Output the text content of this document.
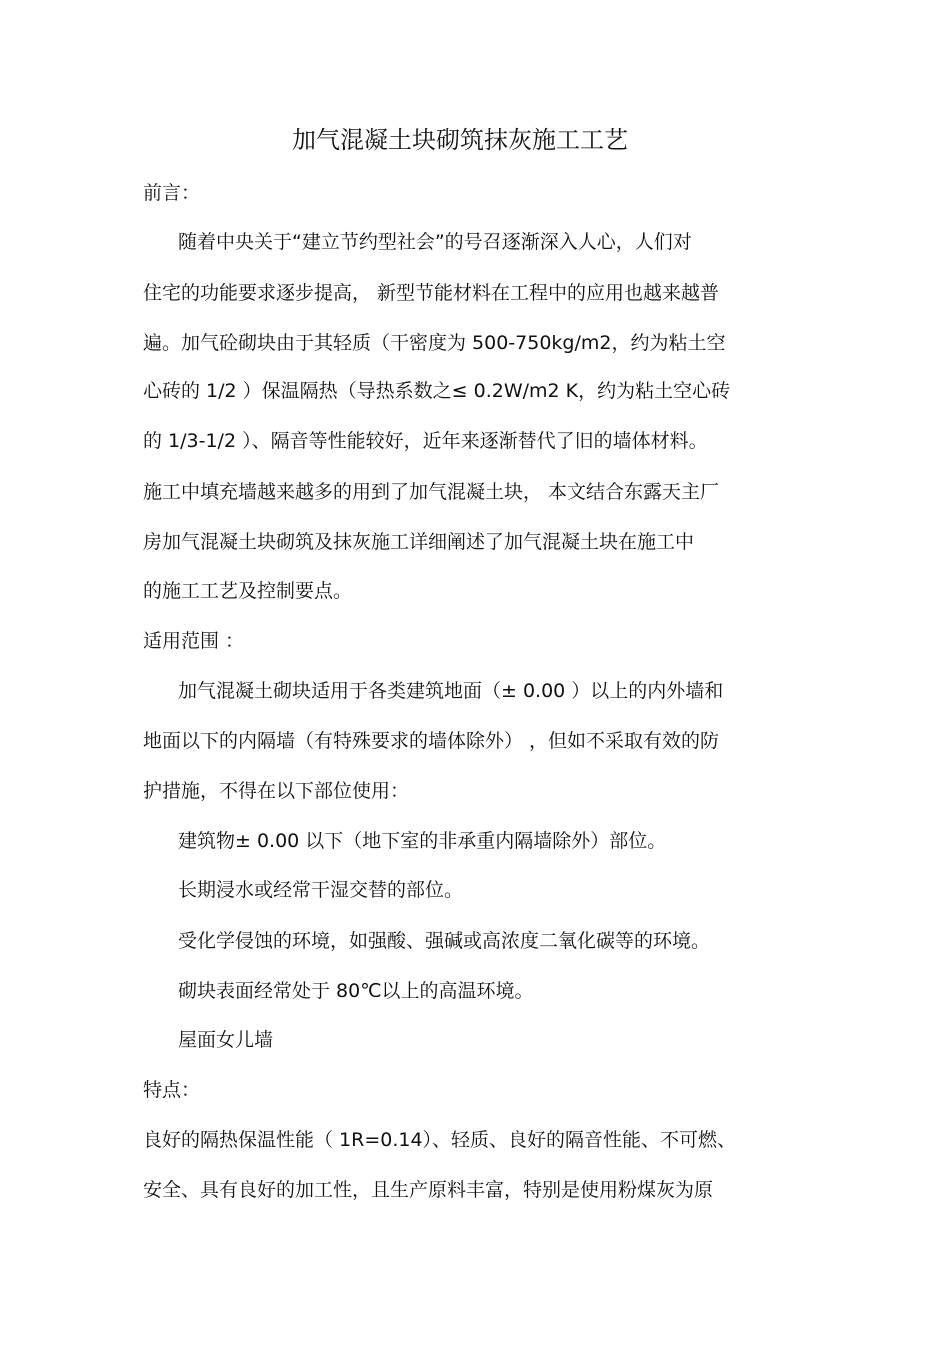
加气混凝土块砌筑抹灰施工工艺
前言：
随着中央关于“建立节约型社会”的号召逐渐深入人心，人们对
住宅的功能要求逐步提高， 新型节能材料在工程中的应用也越来越普
遍。加气砼砌块由于其轻质（干密度为 500-750kg/m2，约为粘土空
心砖的 1/2 ）保温隔热（导热系数之≤ 0.2W/m2 K，约为粘土空心砖
的 1/3-1/2 ）、隔音等性能较好，近年来逐渐替代了旧的墙体材料。
施工中填充墙越来越多的用到了加气混凝土块， 本文结合东露天主厂
房加气混凝土块砌筑及抹灰施工详细阐述了加气混凝土块在施工中
的施工工艺及控制要点。
适用范围 ：
加气混凝土砌块适用于各类建筑地面（± 0.00 ）以上的内外墙和
地面以下的内隔墙（有特殊要求的墙体除外） ，但如不采取有效的防
护措施，不得在以下部位使用：
建筑物± 0.00 以下（地下室的非承重内隔墙除外）部位。
长期浸水或经常干湿交替的部位。
受化学侵蚀的环境，如强酸、强碱或高浓度二氧化碳等的环境。
砌块表面经常处于 80℃以上的高温环境。
屋面女儿墙
特点：
良好的隔热保温性能（ 1R=0.14）、轻质、良好的隔音性能、不可燃、
安全、具有良好的加工性，且生产原料丰富，特别是使用粉煤灰为原
